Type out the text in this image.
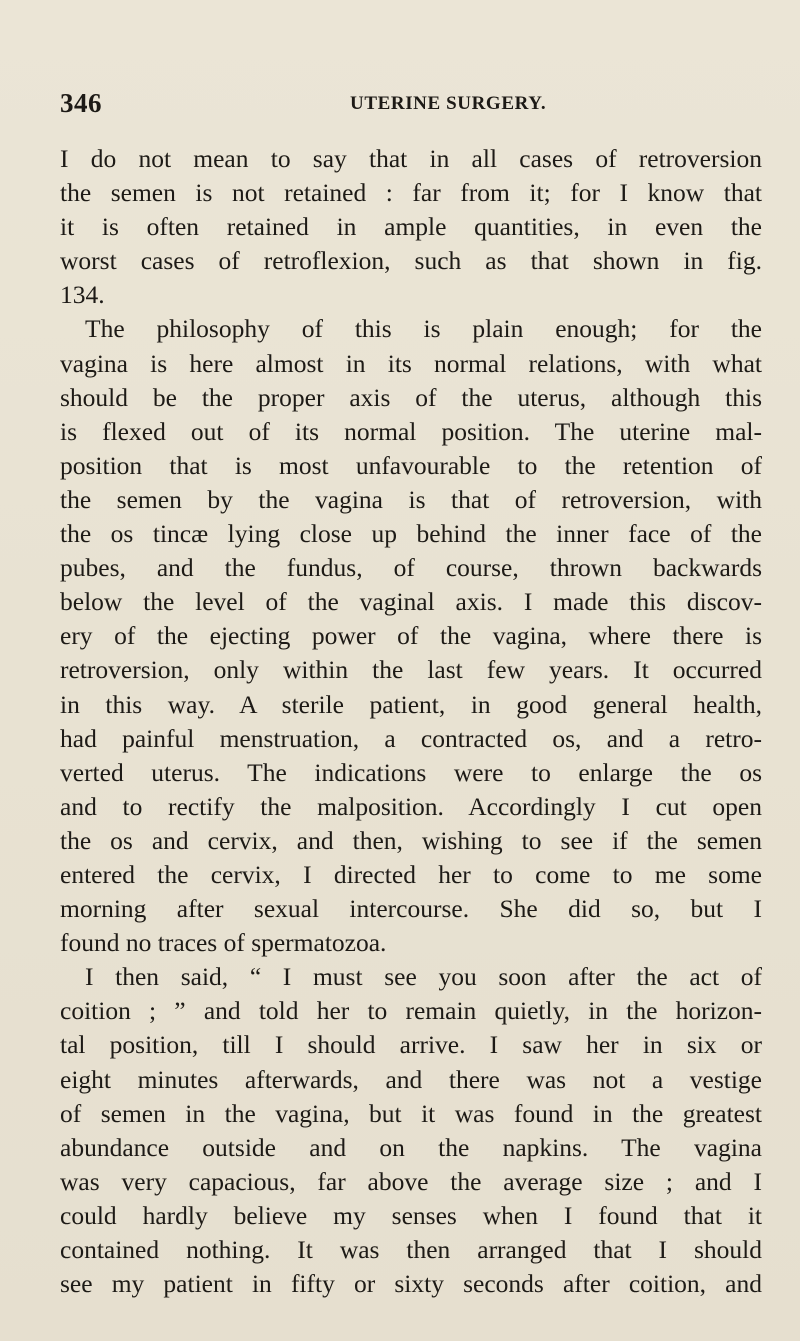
346	UTERINE SURGERY.
I do not mean to say that in all cases of retroversion
the semen is not retained : far from it; for I know that
it is often retained in ample quantities, in even the
worst cases of retroflexion, such as that shown in fig.
134.
The philosophy of this is plain enough; for the
vagina is here almost in its normal relations, with what
should be the proper axis of the uterus, although this
is flexed out of its normal position. The uterine mal-
position that is most unfavourable to the retention of
the semen by the vagina is that of retroversion, with
the os tincæ lying close up behind the inner face of the
pubes, and the fundus, of course, thrown backwards
below the level of the vaginal axis. I made this discov-
ery of the ejecting power of the vagina, where there is
retroversion, only within the last few years. It occurred
in this way. A sterile patient, in good general health,
had painful menstruation, a contracted os, and a retro-
verted uterus. The indications were to enlarge the os
and to rectify the malposition. Accordingly I cut open
the os and cervix, and then, wishing to see if the semen
entered the cervix, I directed her to come to me some
morning after sexual intercourse. She did so, but I
found no traces of spermatozoa.
I then said, “ I must see you soon after the act of
coition ; ” and told her to remain quietly, in the horizon-
tal position, till I should arrive. I saw her in six or
eight minutes afterwards, and there was not a vestige
of semen in the vagina, but it was found in the greatest
abundance outside and on the napkins. The vagina
was very capacious, far above the average size ; and I
could hardly believe my senses when I found that it
contained nothing. It was then arranged that I should
see my patient in fifty or sixty seconds after coition, and
